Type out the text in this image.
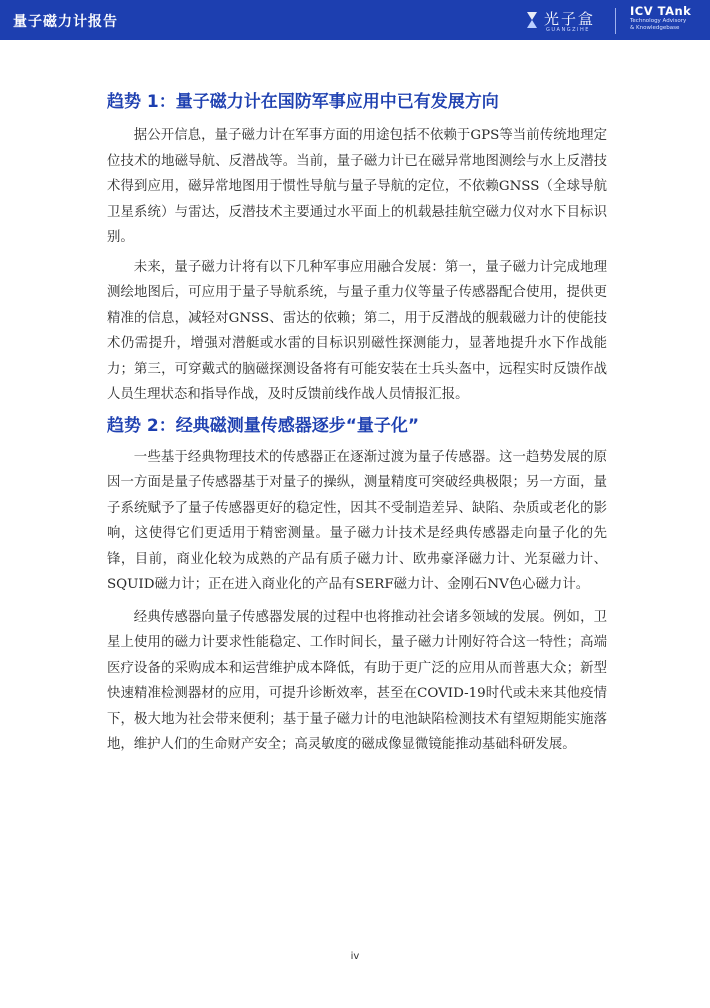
量子磁力计报告	光子盒
GUANGZIHE
ICV TAnk
Technology Advisory
& Knowledgebase
趋势 1：量子磁力计在国防军事应用中已有发展方向

据公开信息，量子磁力计在军事方面的用途包括不依赖于GPS等当前传统地理定位技术的地磁导航、反潜战等。当前，量子磁力计已在磁异常地图测绘与水上反潜技术得到应用，磁异常地图用于惯性导航与量子导航的定位，不依赖GNSS（全球导航卫星系统）与雷达，反潜技术主要通过水平面上的机载悬挂航空磁力仪对水下目标识别。

未来，量子磁力计将有以下几种军事应用融合发展：第一，量子磁力计完成地理测绘地图后，可应用于量子导航系统，与量子重力仪等量子传感器配合使用，提供更精准的信息，减轻对GNSS、雷达的依赖；第二，用于反潜战的舰载磁力计的使能技术仍需提升，增强对潜艇或水雷的目标识别磁性探测能力，显著地提升水下作战能力；第三，可穿戴式的脑磁探测设备将有可能安装在士兵头盔中，远程实时反馈作战人员生理状态和指导作战，及时反馈前线作战人员情报汇报。

趋势 2：经典磁测量传感器逐步“量子化”

一些基于经典物理技术的传感器正在逐渐过渡为量子传感器。这一趋势发展的原因一方面是量子传感器基于对量子的操纵，测量精度可突破经典极限；另一方面，量子系统赋予了量子传感器更好的稳定性，因其不受制造差异、缺陷、杂质或老化的影响，这使得它们更适用于精密测量。量子磁力计技术是经典传感器走向量子化的先锋，目前，商业化较为成熟的产品有质子磁力计、欧弗豪泽磁力计、光泵磁力计、SQUID磁力计；正在进入商业化的产品有SERF磁力计、金刚石NV色心磁力计。

经典传感器向量子传感器发展的过程中也将推动社会诸多领域的发展。例如，卫星上使用的磁力计要求性能稳定、工作时间长，量子磁力计刚好符合这一特性；高端医疗设备的采购成本和运营维护成本降低，有助于更广泛的应用从而普惠大众；新型快速精准检测器材的应用，可提升诊断效率，甚至在COVID-19时代或未来其他疫情下，极大地为社会带来便利；基于量子磁力计的电池缺陷检测技术有望短期能实施落地，维护人们的生命财产安全；高灵敏度的磁成像显微镜能推动基础科研发展。

iv
